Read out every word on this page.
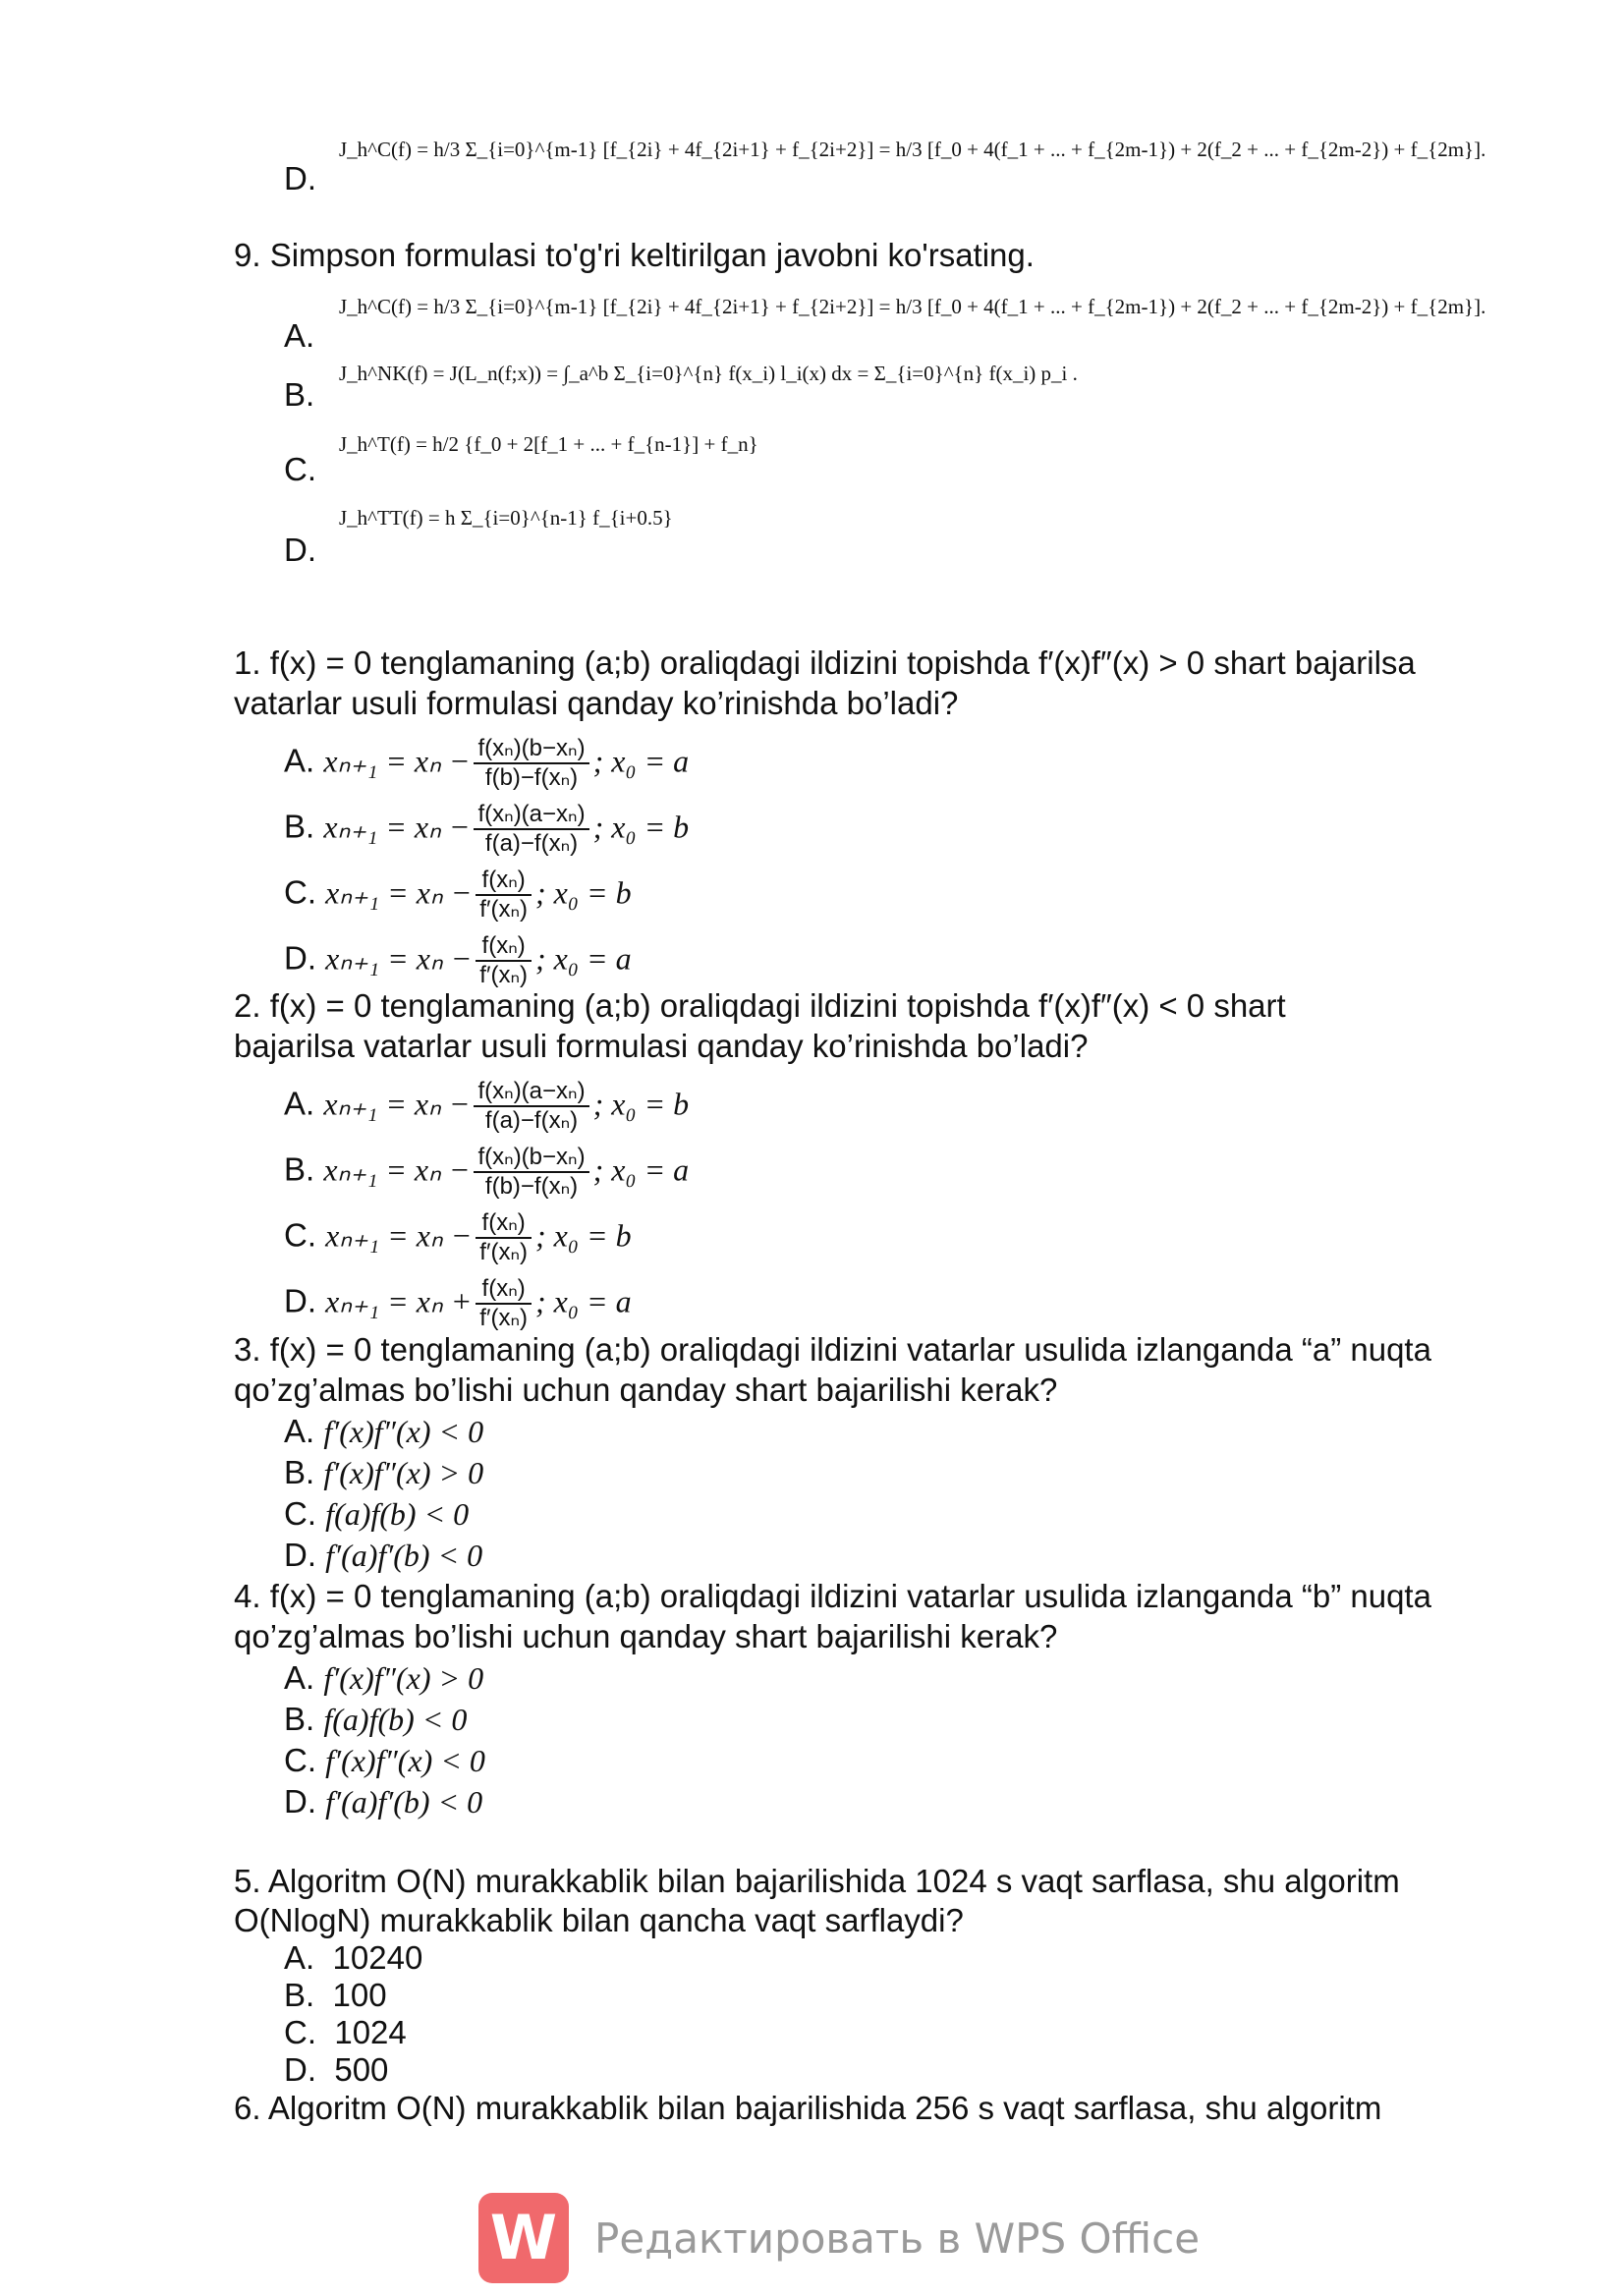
J_h^C(f) = h/3 Σ_{i=0}^{m-1} [f_{2i} + 4f_{2i+1} + f_{2i+2}] = h/3 [f_0 + 4(f_1 + ... + f_{2m-1}) + 2(f_2 + ... + f_{2m-2}) + f_{2m}].
D.
9. Simpson formulasi to'g'ri keltirilgan javobni ko'rsating.
J_h^C(f) = h/3 Σ_{i=0}^{m-1} [f_{2i} + 4f_{2i+1} + f_{2i+2}] = h/3 [f_0 + 4(f_1 + ... + f_{2m-1}) + 2(f_2 + ... + f_{2m-2}) + f_{2m}].
A.
J_h^NK(f) = J(L_n(f;x)) = ∫_a^b Σ_{i=0}^{n} f(x_i) l_i(x) dx = Σ_{i=0}^{n} f(x_i) p_i .
B.
J_h^T(f) = h/2 {f_0 + 2[f_1 + ... + f_{n-1}] + f_n}
C.
J_h^TT(f) = h Σ_{i=0}^{n-1} f_{i+0.5}
D.
1. f(x) = 0 tenglamaning (a;b) oraliqdagi ildizini topishda f′(x)f″(x) > 0 shart bajarilsa
vatarlar usuli formulasi qanday ko’rinishda bo’ladi?
A. $x_{n+1} = x_n - \frac{\text{f(xₙ)(b−xₙ)}}{\text{f(b)−f(xₙ)}}$ ; x₀ = a
B. $x_{n+1} = x_n - \frac{\text{f(xₙ)(a−xₙ)}}{\text{f(a)−f(xₙ)}}$ ; x₀ = b
C. $x_{n+1} = x_n - \frac{\text{f(xₙ)}}{\text{f′(xₙ)}}$ ; x₀ = b
D. $x_{n+1} = x_n - \frac{\text{f(xₙ)}}{\text{f′(xₙ)}}$ ; x₀ = a
2. f(x) = 0 tenglamaning (a;b) oraliqdagi ildizini topishda f′(x)f″(x) < 0 shart
bajarilsa vatarlar usuli formulasi qanday ko’rinishda bo’ladi?
A. $x_{n+1} = x_n - \frac{\text{f(xₙ)(a−xₙ)}}{\text{f(a)−f(xₙ)}}$ ; x₀ = b
B. $x_{n+1} = x_n - \frac{\text{f(xₙ)(b−xₙ)}}{\text{f(b)−f(xₙ)}}$ ; x₀ = a
C. $x_{n+1} = x_n - \frac{\text{f(xₙ)}}{\text{f′(xₙ)}}$ ; x₀ = b
D. $x_{n+1} = x_n + \frac{\text{f(xₙ)}}{\text{f′(xₙ)}}$ ; x₀ = a
3. f(x) = 0 tenglamaning (a;b) oraliqdagi ildizini vatarlar usulida izlanganda “a” nuqta
qo’zg’almas bo’lishi uchun qanday shart bajarilishi kerak?
A. f′(x)f″(x) < 0
B. f′(x)f″(x) > 0
C. f(a)f(b) < 0
D. f′(a)f′(b) < 0
4. f(x) = 0 tenglamaning (a;b) oraliqdagi ildizini vatarlar usulida izlanganda “b” nuqta
qo’zg’almas bo’lishi uchun qanday shart bajarilishi kerak?
A. f′(x)f″(x) > 0
B. f(a)f(b) < 0
C. f′(x)f″(x) < 0
D. f′(a)f′(b) < 0
5. Algoritm O(N) murakkablik bilan bajarilishida 1024 s vaqt sarflasa, shu algoritm
O(NlogN) murakkablik bilan qancha vaqt sarflaydi?
A. 10240
B. 100
C. 1024
D. 500
6. Algoritm O(N) murakkablik bilan bajarilishida 256 s vaqt sarflasa, shu algoritm
W Редактировать в WPS Office
